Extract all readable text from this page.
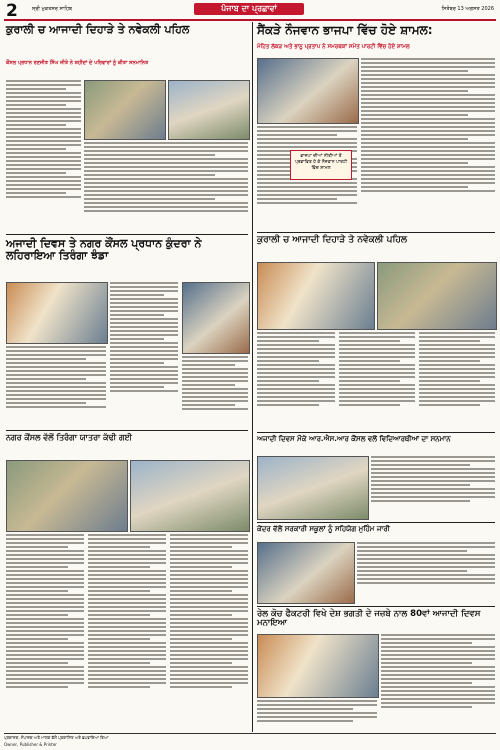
2	ਸ੍ਰੀ ਮੁਕਤਸਰ ਸਾਹਿਬ	ਪੰਜਾਬ ਦਾ ਪ੍ਰਛਾਵਾਂ	ਸਿਤੰਬਰ 13 ਅਗਸਤ 2026
ਕੁਰਾਲੀ ਚ ਆਜਾਦੀ ਦਿਹਾੜੇ ਤੇ ਨਵੇਕਲੀ ਪਹਿਲ
ਕੌਂਸਲ ਪ੍ਰਧਾਨ ਰਣਜੀਤ ਸਿੰਘ ਜੀਤੇ ਨੇ ਸ਼ਹੀਦਾਂ ਦੇ ਪਰਿਵਾਰਾਂ ਨੂੰ ਕੀਤਾ ਸਨਮਾਨਿਤ
ਅਜਾਦੀ ਦਿਵਸ ਤੇ ਨਗਰ ਕੌਂਸਲ ਪ੍ਰਧਾਨ ਕੁੰਦਰਾ ਨੇ ਲਹਿਰਾਇਆ ਤਿਰੰਗਾ ਝੰਡਾ
ਨਗਰ ਕੌਂਸਲ ਵੱਲੋਂ ਤਿਰੰਗਾ ਯਾਤਰਾ ਕੱਢੀ ਗਈ
ਸੈਂਕੜੇ ਨੌਜਵਾਨ ਭਾਜਪਾ ਵਿੱਚ ਹੋਏ ਸ਼ਾਮਲ:
ਮੋਹਿਤ ਲੱਕੜ ਅਤੇ ਭਾਨੂ ਪ੍ਰਤਾਪ ਨੇ ਸਮਰਥਕਾਂ ਸਮੇਤ ਪਾਰਟੀ ਵਿੱਚ ਹੋਏ ਸ਼ਾਮਲ
ਭਾਜਪਾ ਦੀਆਂ ਨੀਤੀਆਂ ਤੋਂ ਪ੍ਰਭਾਵਿਤ ਹੋ ਕੇ ਨੌਜਵਾਨ ਪਾਰਟੀ ਵਿੱਚ ਸ਼ਾਮਲ
ਕੁਰਾਲੀ ਚ ਆਜਾਦੀ ਦਿਹਾੜੇ ਤੇ ਨਵੇਕਲੀ ਪਹਿਲ
ਅਜਾਦੀ ਦਿਵਸ ਮੌਕੇ ਆਰ.ਐਸ.ਆਰ ਕੌਂਸਲ ਵਲੋਂ ਵਿਦਿਆਰਥੀਆਂ ਦਾ ਸਨਮਾਨ
ਕੇਂਦਰ ਵੱਲੋਂ ਸਰਕਾਰੀ ਸਕੂਲਾਂ ਨੂੰ ਸਹਿਯੋਗ ਮੁਹਿੰਮ ਜਾਰੀ
ਰੇਲ ਕੋਚ ਫੈਕਟਰੀ ਵਿਖੇ ਦੇਸ਼ ਭਗਤੀ ਦੇ ਜਜ਼ਬੇ ਨਾਲ 80ਵਾਂ ਆਜਾਦੀ ਦਿਵਸ ਮਨਾਇਆ
ਪ੍ਰਕਾਸ਼ਕ, ਸੰਪਾਦਕ ਅਤੇ ਮਾਲਕ ਵੱਲੋਂ ਪ੍ਰਕਾਸ਼ਿਤ ਅਤੇ ਛਪਵਾਇਆ ਗਿਆ
Owner, Publisher & Printer
